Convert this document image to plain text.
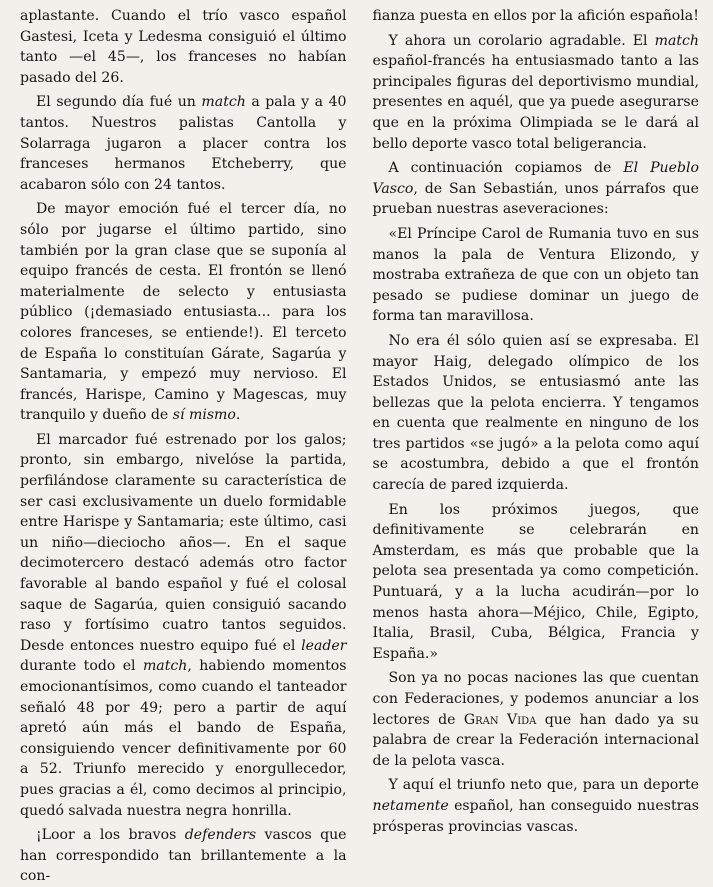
aplastante. Cuando el trío vasco español Gastesi, Iceta y Ledesma consiguió el último tanto —el 45—, los franceses no habían pasado del 26.

El segundo día fué un match a pala y a 40 tantos. Nuestros palistas Cantolla y Solarraga jugaron a placer contra los franceses hermanos Etcheberry, que acabaron sólo con 24 tantos.

De mayor emoción fué el tercer día, no sólo por jugarse el último partido, sino también por la gran clase que se suponía al equipo francés de cesta. El frontón se llenó materialmente de selecto y entusiasta público (¡demasiado entusiasta... para los colores franceses, se entiende!). El terceto de España lo constituían Gárate, Sagarúa y Santamaria, y empezó muy nervioso. El francés, Harispe, Camino y Magescas, muy tranquilo y dueño de sí mismo.

El marcador fué estrenado por los galos; pronto, sin embargo, nivelóse la partida, perfilándose claramente su característica de ser casi exclusivamente un duelo formidable entre Harispe y Santamaria; este último, casi un niño—dieciocho años—. En el saque decimotercero destacó además otro factor favorable al bando español y fué el colosal saque de Sagarúa, quien consiguió sacando raso y fortísimo cuatro tantos seguidos. Desde entonces nuestro equipo fué el leader durante todo el match, habiendo momentos emocionantísimos, como cuando el tanteador señaló 48 por 49; pero a partir de aquí apretó aún más el bando de España, consiguiendo vencer definitivamente por 60 a 52. Triunfo merecido y enorgullecedor, pues gracias a él, como decimos al principio, quedó salvada nuestra negra honrilla.

¡Loor a los bravos defenders vascos que han correspondido tan brillantemente a la con-

fianza puesta en ellos por la afición española!

Y ahora un corolario agradable. El match español-francés ha entusiasmado tanto a las principales figuras del deportivismo mundial, presentes en aquél, que ya puede asegurarse que en la próxima Olimpiada se le dará al bello deporte vasco total beligerancia.

A continuación copiamos de El Pueblo Vasco, de San Sebastián, unos párrafos que prueban nuestras aseveraciones:

«El Príncipe Carol de Rumania tuvo en sus manos la pala de Ventura Elizondo, y mostraba extrañeza de que con un objeto tan pesado se pudiese dominar un juego de forma tan maravillosa.

No era él sólo quien así se expresaba. El mayor Haig, delegado olímpico de los Estados Unidos, se entusiasmó ante las bellezas que la pelota encierra. Y tengamos en cuenta que realmente en ninguno de los tres partidos «se jugó» a la pelota como aquí se acostumbra, debido a que el frontón carecía de pared izquierda.

En los próximos juegos, que definitivamente se celebrarán en Amsterdam, es más que probable que la pelota sea presentada ya como competición. Puntuará, y a la lucha acudirán—por lo menos hasta ahora—Méjico, Chile, Egipto, Italia, Brasil, Cuba, Bélgica, Francia y España.»

Son ya no pocas naciones las que cuentan con Federaciones, y podemos anunciar a los lectores de Gran Vida que han dado ya su palabra de crear la Federación internacional de la pelota vasca.

Y aquí el triunfo neto que, para un deporte netamente español, han conseguido nuestras prósperas provincias vascas.
